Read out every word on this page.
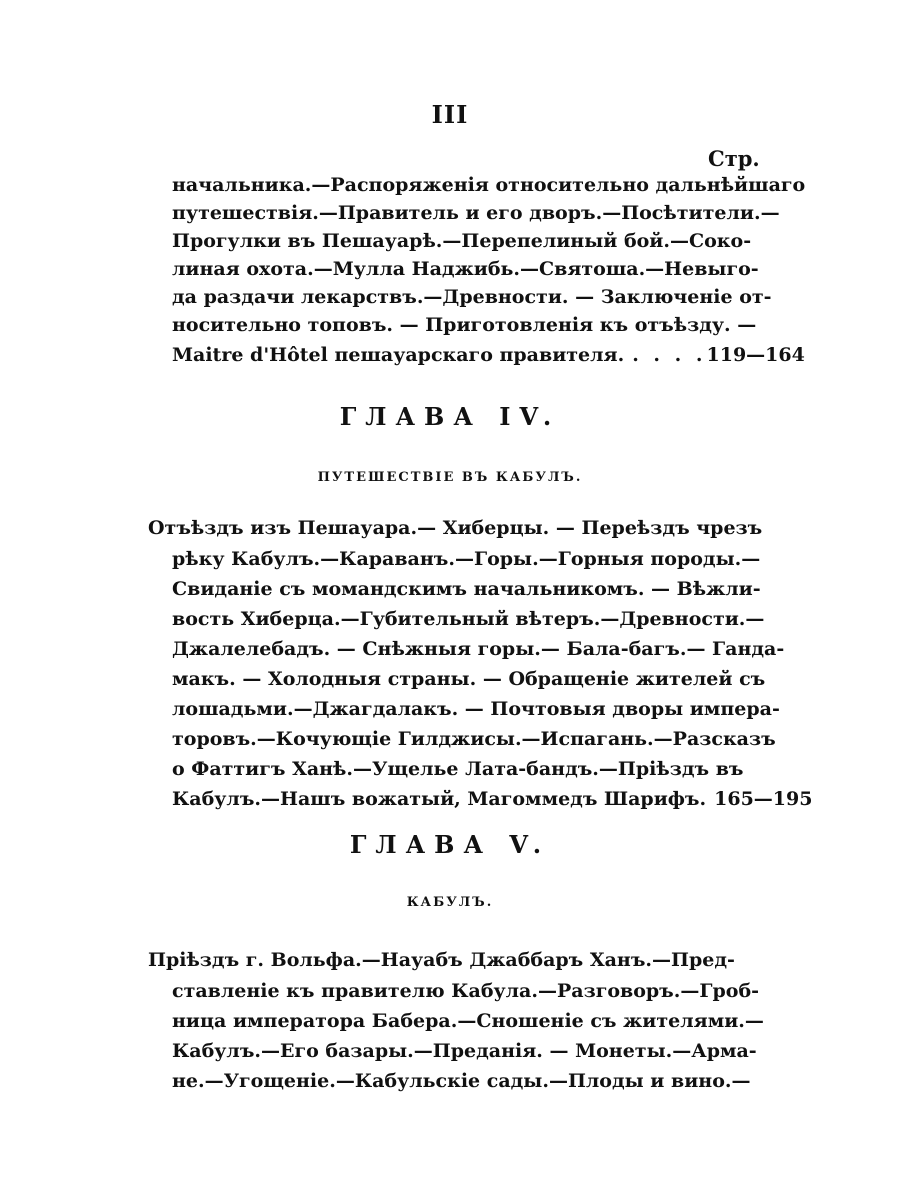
III
Стр.
начальника.—Распоряженія относительно дальнѣйшаго
путешествія.—Правитель и его дворъ.—Посѣтители.—
Прогулки въ Пешауарѣ.—Перепелиный бой.—Соко-
линая охота.—Мулла Наджибь.—Святоша.—Невыго-
да раздачи лекарствъ.—Древности. — Заключеніе от-
носительно топовъ. — Приготовленія къ отъѣзду. —
Maitre d'Hôtel пешауарскаго правителя. . . . . 119—164
ГЛАВА IV.
ПУТЕШЕСТВІЕ ВЪ КАБУЛЪ.
Отъѣздъ изъ Пешауара.— Хиберцы. — Переѣздъ чрезъ
рѣку Кабулъ.—Караванъ.—Горы.—Горныя породы.—
Свиданіе съ момандскимъ начальникомъ. — Вѣжли-
вость Хиберца.—Губительный вѣтеръ.—Древности.—
Джалелебадъ. — Снѣжныя горы.— Бала-багъ.— Ганда-
макъ. — Холодныя страны. — Обращеніе жителей съ
лошадьми.—Джагдалакъ. — Почтовыя дворы импера-
торовъ.—Кочующіе Гилджисы.—Испагань.—Разсказъ
о Фаттигъ Ханѣ.—Ущелье Лата-бандъ.—Пріѣздъ въ
Кабулъ.—Нашъ вожатый, Магоммедъ Шарифъ. 165—195
ГЛАВА V.
КАБУЛЪ.
Пріѣздъ г. Вольфа.—Науабъ Джаббаръ Ханъ.—Пред-
ставленіе къ правителю Кабула.—Разговоръ.—Гроб-
ница императора Бабера.—Сношеніе съ жителями.—
Кабулъ.—Его базары.—Преданія. — Монеты.—Арма-
не.—Угощеніе.—Кабульскіе сады.—Плоды и вино.—
